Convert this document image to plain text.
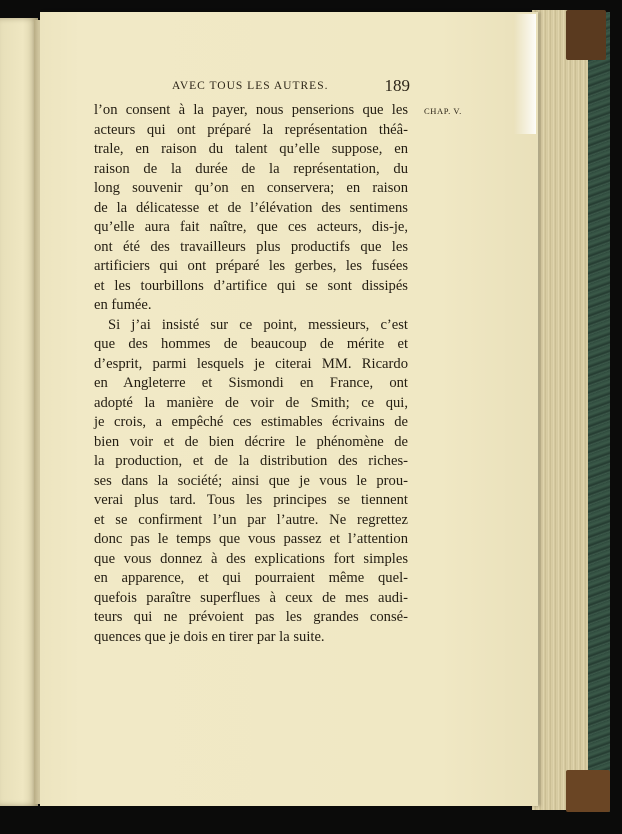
AVEC TOUS LES AUTRES.	189
CHAP. V.
l’on consent à la payer, nous penserions que les
acteurs qui ont préparé la représentation théâ-
trale, en raison du talent qu’elle suppose, en
raison de la durée de la représentation, du
long souvenir qu’on en conservera; en raison
de la délicatesse et de l’élévation des sentimens
qu’elle aura fait naître, que ces acteurs, dis-je,
ont été des travailleurs plus productifs que les
artificiers qui ont préparé les gerbes, les fusées
et les tourbillons d’artifice qui se sont dissipés
en fumée.
Si j’ai insisté sur ce point, messieurs, c’est
que des hommes de beaucoup de mérite et
d’esprit, parmi lesquels je citerai MM. Ricardo
en Angleterre et Sismondi en France, ont
adopté la manière de voir de Smith; ce qui,
je crois, a empêché ces estimables écrivains de
bien voir et de bien décrire le phénomène de
la production, et de la distribution des riches-
ses dans la société; ainsi que je vous le prou-
verai plus tard. Tous les principes se tiennent
et se confirment l’un par l’autre. Ne regrettez
donc pas le temps que vous passez et l’attention
que vous donnez à des explications fort simples
en apparence, et qui pourraient même quel-
quefois paraître superflues à ceux de mes audi-
teurs qui ne prévoient pas les grandes consé-
quences que je dois en tirer par la suite.
